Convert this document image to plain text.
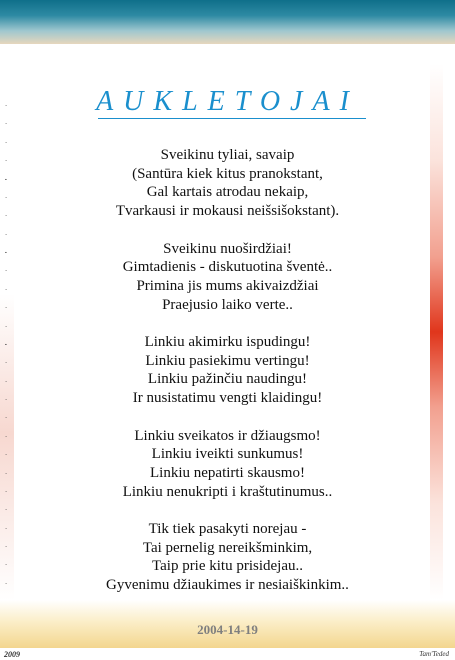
·
·
·
·
·
·
·
·
·
·
·
·
·
·
·
·
·
·
·
·
·
·
·
·
·
·
·
AUKLETOJAI
Sveikinu tyliai, savaip
(Santūra kiek kitus pranokstant,
Gal kartais atrodau nekaip,
Tvarkausi ir mokausi neišsišokstant).
Sveikinu nuoširdžiai!
Gimtadienis - diskutuotina šventė..
Primina jis mums akivaizdžiai
Praejusio laiko verte..
Linkiu akimirku ispudingu!
Linkiu pasiekimu vertingu!
Linkiu pažinčiu naudingu!
Ir nusistatimu vengti klaidingu!
Linkiu sveikatos ir džiaugsmo!
Linkiu iveikti sunkumus!
Linkiu nepatirti skausmo!
Linkiu nenukripti i kraštutinumus..
Tik tiek pasakyti norejau -
Tai pernelig nereikšminkim,
Taip prie kitu prisidejau..
Gyvenimu džiaukimes ir nesiaiškinkim..
2004-14-19
2009	Tam'Teded
